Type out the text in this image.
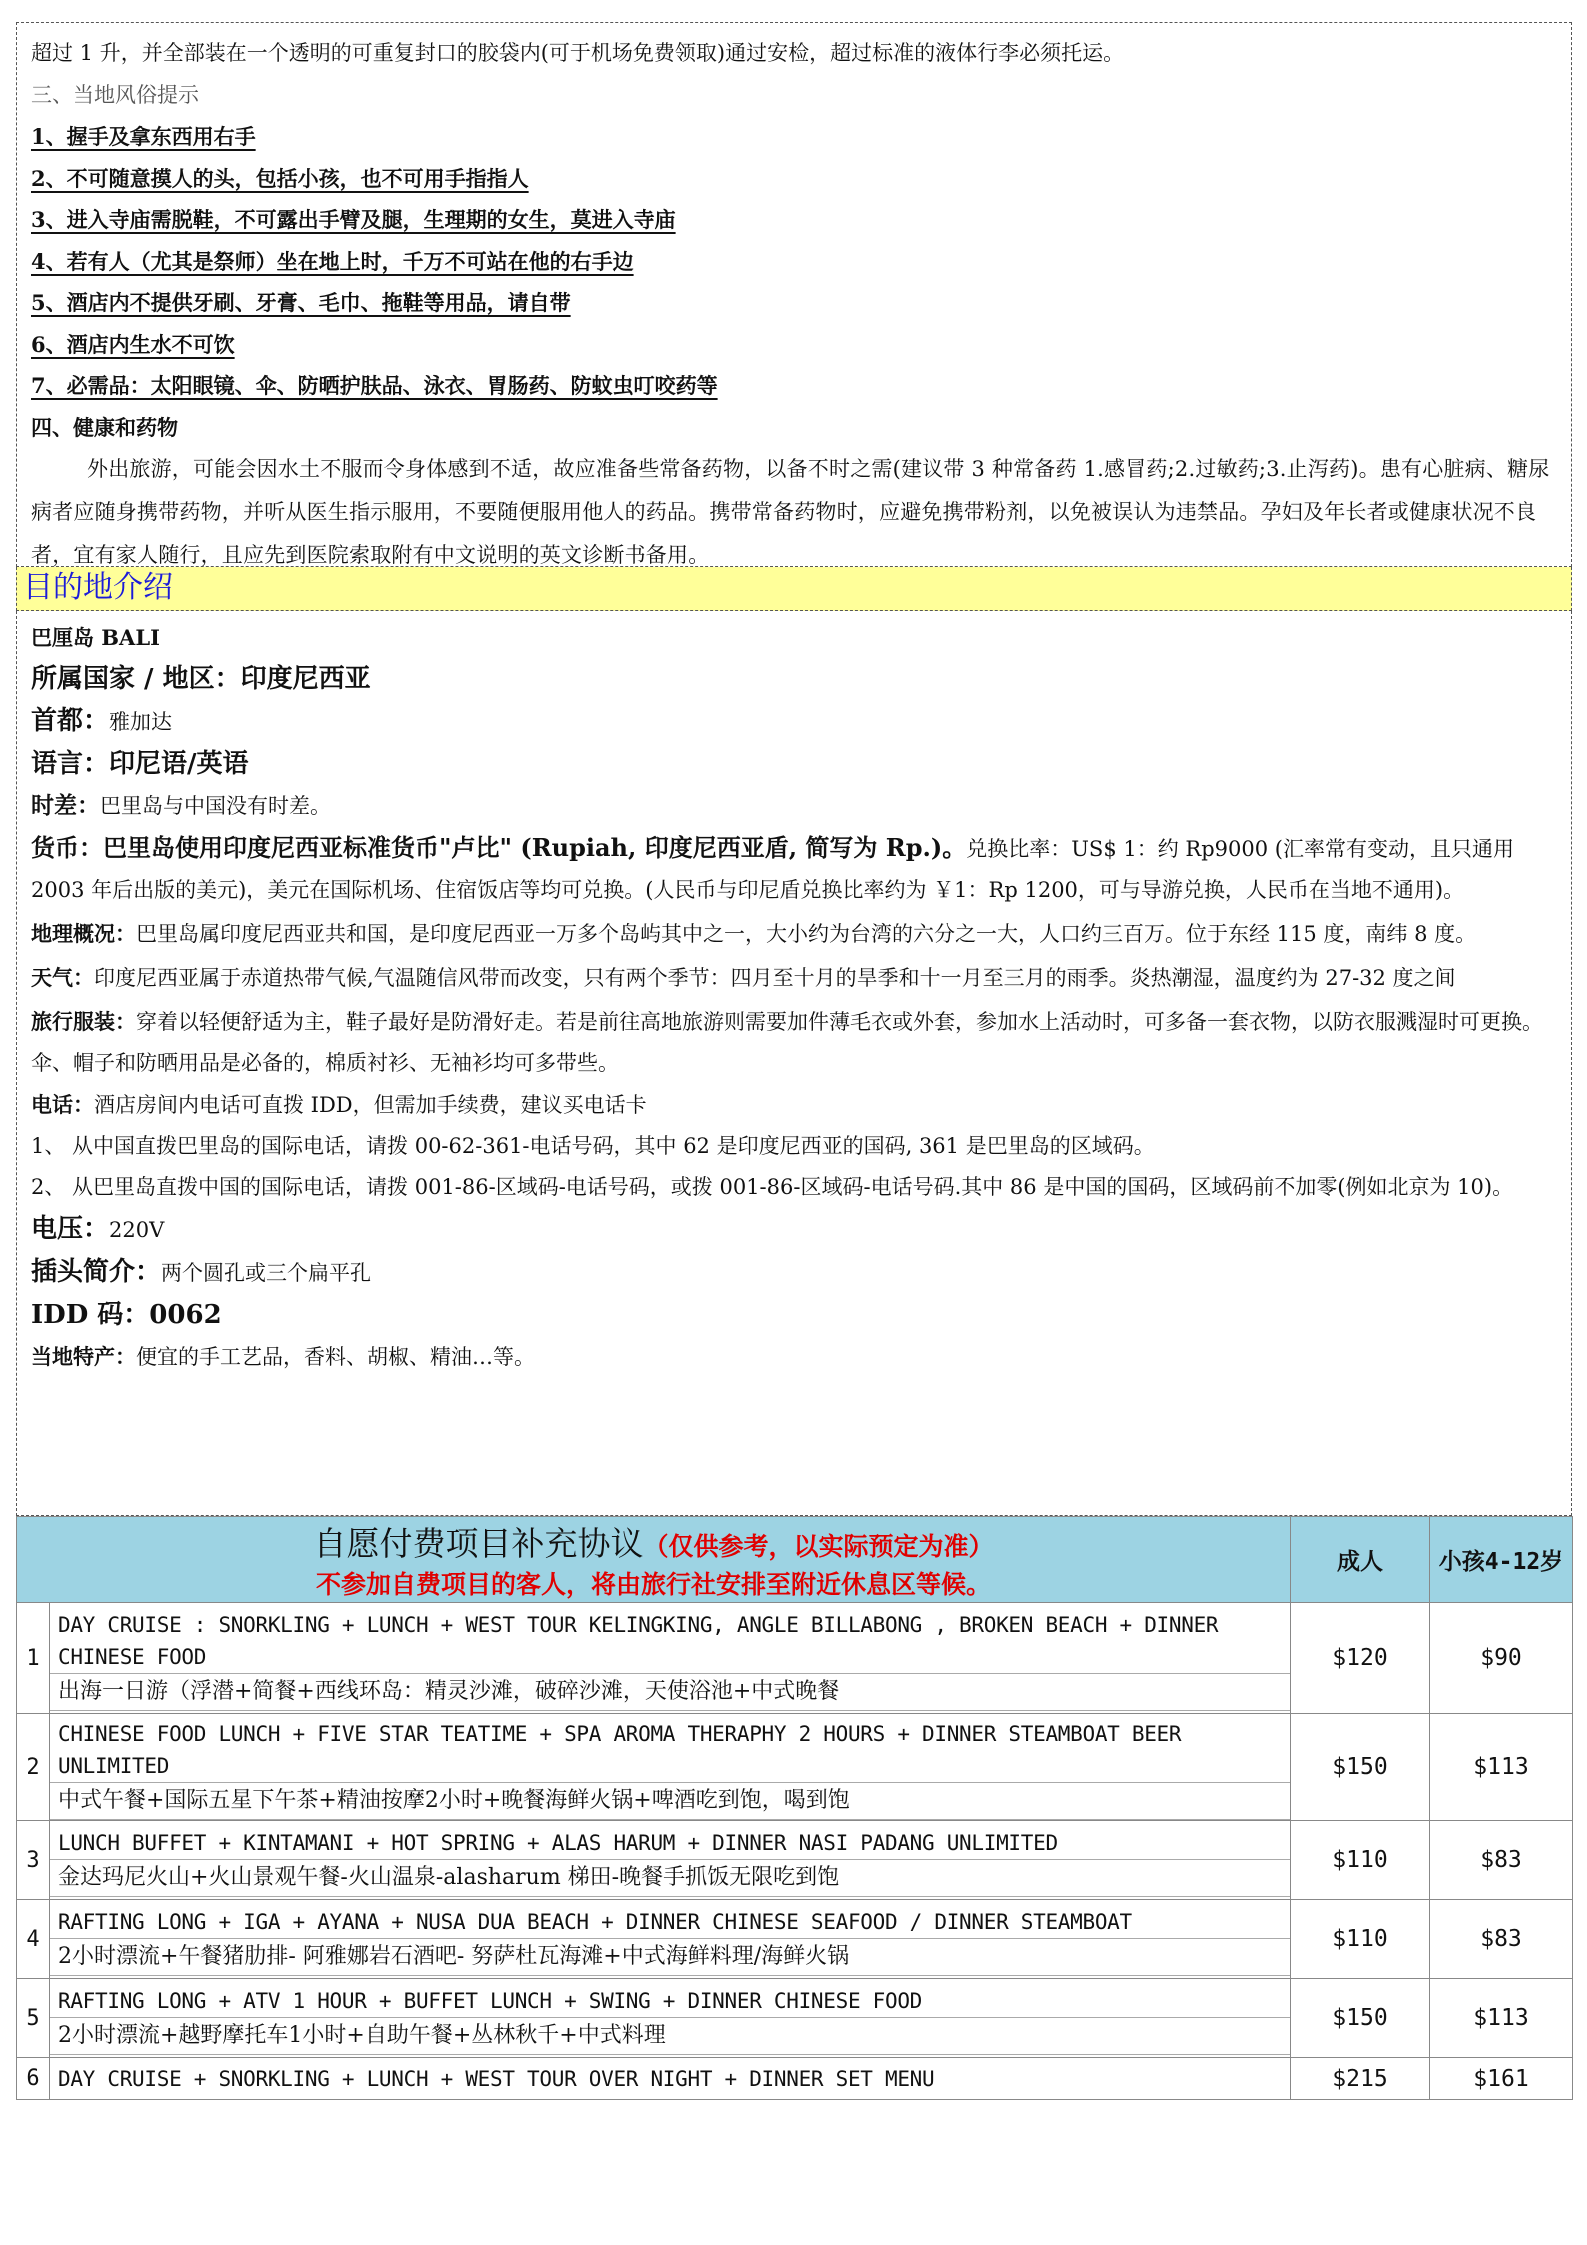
超过 1 升，并全部装在一个透明的可重复封口的胶袋内(可于机场免费领取)通过安检，超过标准的液体行李必须托运。
三、当地风俗提示
1、握手及拿东西用右手
2、不可随意摸人的头，包括小孩，也不可用手指指人
3、进入寺庙需脱鞋，不可露出手臂及腿，生理期的女生，莫进入寺庙
4、若有人（尤其是祭师）坐在地上时，千万不可站在他的右手边
5、酒店内不提供牙刷、牙膏、毛巾、拖鞋等用品，请自带
6、酒店内生水不可饮
7、必需品：太阳眼镜、伞、防晒护肤品、泳衣、胃肠药、防蚊虫叮咬药等
四、健康和药物

外出旅游，可能会因水土不服而令身体感到不适，故应准备些常备药物，以备不时之需(建议带 3 种常备药 1.感冒药;2.过敏药;3.止泻药)。患有心脏病、糖尿病者应随身携带药物，并听从医生指示服用，不要随便服用他人的药品。携带常备药物时，应避免携带粉剂，以免被误认为违禁品。孕妇及年长者或健康状况不良者，宜有家人随行，且应先到医院索取附有中文说明的英文诊断书备用。

目的地介绍

巴厘岛 BALI

所属国家 / 地区：印度尼西亚

首都：雅加达

语言：印尼语/英语

时差：巴里岛与中国没有时差。

货币：巴里岛使用印度尼西亚标准货币"卢比" (Rupiah, 印度尼西亚盾, 简写为 Rp.)。兑换比率：US$ 1：约 Rp9000 (汇率常有变动，且只通用 2003 年后出版的美元)，美元在国际机场、住宿饭店等均可兑换。(人民币与印尼盾兑换比率约为 ￥1：Rp 1200，可与导游兑换，人民币在当地不通用)。

地理概况：巴里岛属印度尼西亚共和国，是印度尼西亚一万多个岛屿其中之一，大小约为台湾的六分之一大，人口约三百万。位于东经 115 度，南纬 8 度。

天气：印度尼西亚属于赤道热带气候,气温随信风带而改变，只有两个季节：四月至十月的旱季和十一月至三月的雨季。炎热潮湿，温度约为 27-32 度之间

旅行服装：穿着以轻便舒适为主，鞋子最好是防滑好走。若是前往高地旅游则需要加件薄毛衣或外套，参加水上活动时，可多备一套衣物，以防衣服溅湿时可更换。伞、帽子和防晒用品是必备的，棉质衬衫、无袖衫均可多带些。

电话：酒店房间内电话可直拨 IDD，但需加手续费，建议买电话卡

1、 从中国直拨巴里岛的国际电话，请拨 00-62-361-电话号码，其中 62 是印度尼西亚的国码, 361 是巴里岛的区域码。

2、 从巴里岛直拨中国的国际电话，请拨 001-86-区域码-电话号码，或拨 001-86-区域码-电话号码.其中 86 是中国的国码，区域码前不加零(例如北京为 10)。

电压：220V

插头简介：两个圆孔或三个扁平孔

IDD 码：0062

当地特产：便宜的手工艺品，香料、胡椒、精油…等。

自愿付费项目补充协议（仅供参考，以实际预定为准）
不参加自费项目的客人，将由旅行社安排至附近休息区等候。		成人	小孩4-12岁
1	DAY CRUISE : SNORKLING + LUNCH + WEST TOUR KELINGKING, ANGLE BILLABONG , BROKEN BEACH + DINNER CHINESE FOOD
出海一日游（浮潜+简餐+西线环岛：精灵沙滩，破碎沙滩，天使浴池+中式晚餐	$120	$90
2	CHINESE FOOD LUNCH + FIVE STAR TEATIME + SPA AROMA THERAPHY 2 HOURS + DINNER STEAMBOAT BEER UNLIMITED
中式午餐+国际五星下午茶+精油按摩2小时+晚餐海鲜火锅+啤酒吃到饱，喝到饱	$150	$113
3	LUNCH BUFFET + KINTAMANI + HOT SPRING + ALAS HARUM + DINNER NASI PADANG UNLIMITED
金达玛尼火山+火山景观午餐-火山温泉-alasharum 梯田-晚餐手抓饭无限吃到饱	$110	$83
4	RAFTING LONG + IGA + AYANA + NUSA DUA BEACH + DINNER CHINESE SEAFOOD / DINNER STEAMBOAT
2小时漂流+午餐猪肋排- 阿雅娜岩石酒吧- 努萨杜瓦海滩+中式海鲜料理/海鲜火锅	$110	$83
5	RAFTING LONG + ATV 1 HOUR + BUFFET LUNCH + SWING + DINNER CHINESE FOOD
2小时漂流+越野摩托车1小时+自助午餐+丛林秋千+中式料理	$150	$113
6	DAY CRUISE + SNORKLING + LUNCH + WEST TOUR OVER NIGHT + DINNER SET MENU	$215	$161
